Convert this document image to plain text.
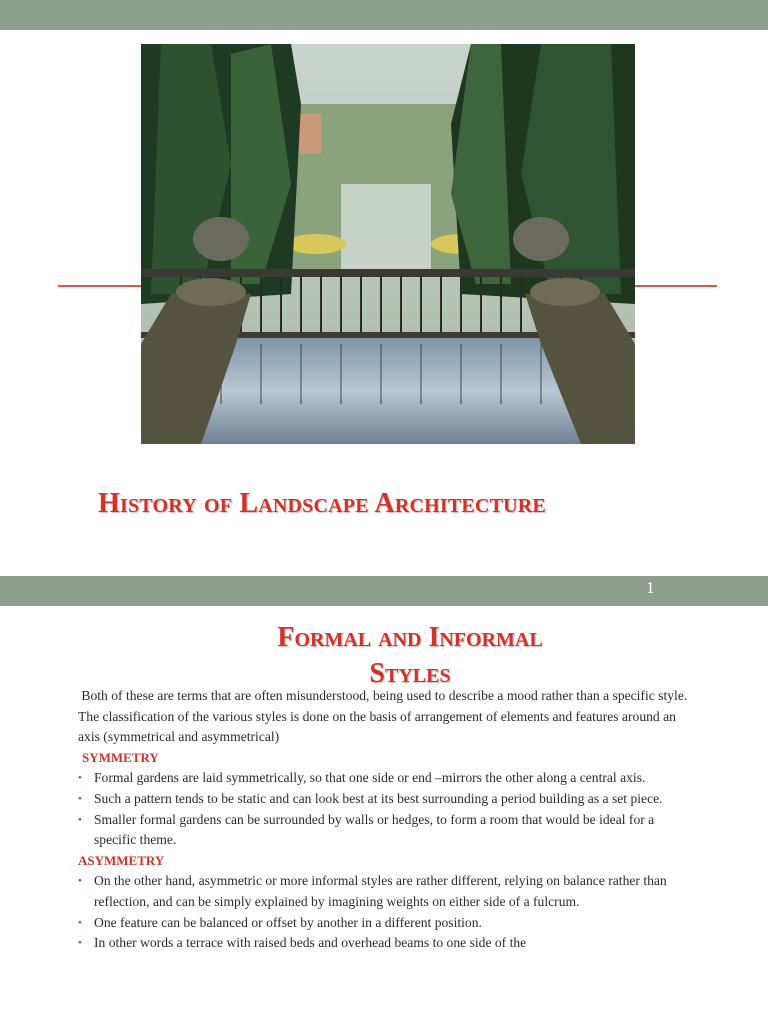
History of Landscape Architecture
1
Formal and Informal
Styles

Both of these are terms that are often misunderstood, being used to describe a mood rather than a specific style.

The classification of the various styles is done on the basis of arrangement of elements and features around an axis (symmetrical and asymmetrical)

SYMMETRY
• Formal gardens are laid symmetrically, so that one side or end –mirrors the other along a central axis.
• Such a pattern tends to be static and can look best at its best surrounding a period building as a set piece.
• Smaller formal gardens can be surrounded by walls or hedges, to form a room that would be ideal for a specific theme.
ASYMMETRY
• On the other hand, asymmetric or more informal styles are rather different, relying on balance rather than reflection, and can be simply explained by imagining weights on either side of a fulcrum.
• One feature can be balanced or offset by another in a different position.
• In other words a terrace with raised beds and overhead beams to one side of the
